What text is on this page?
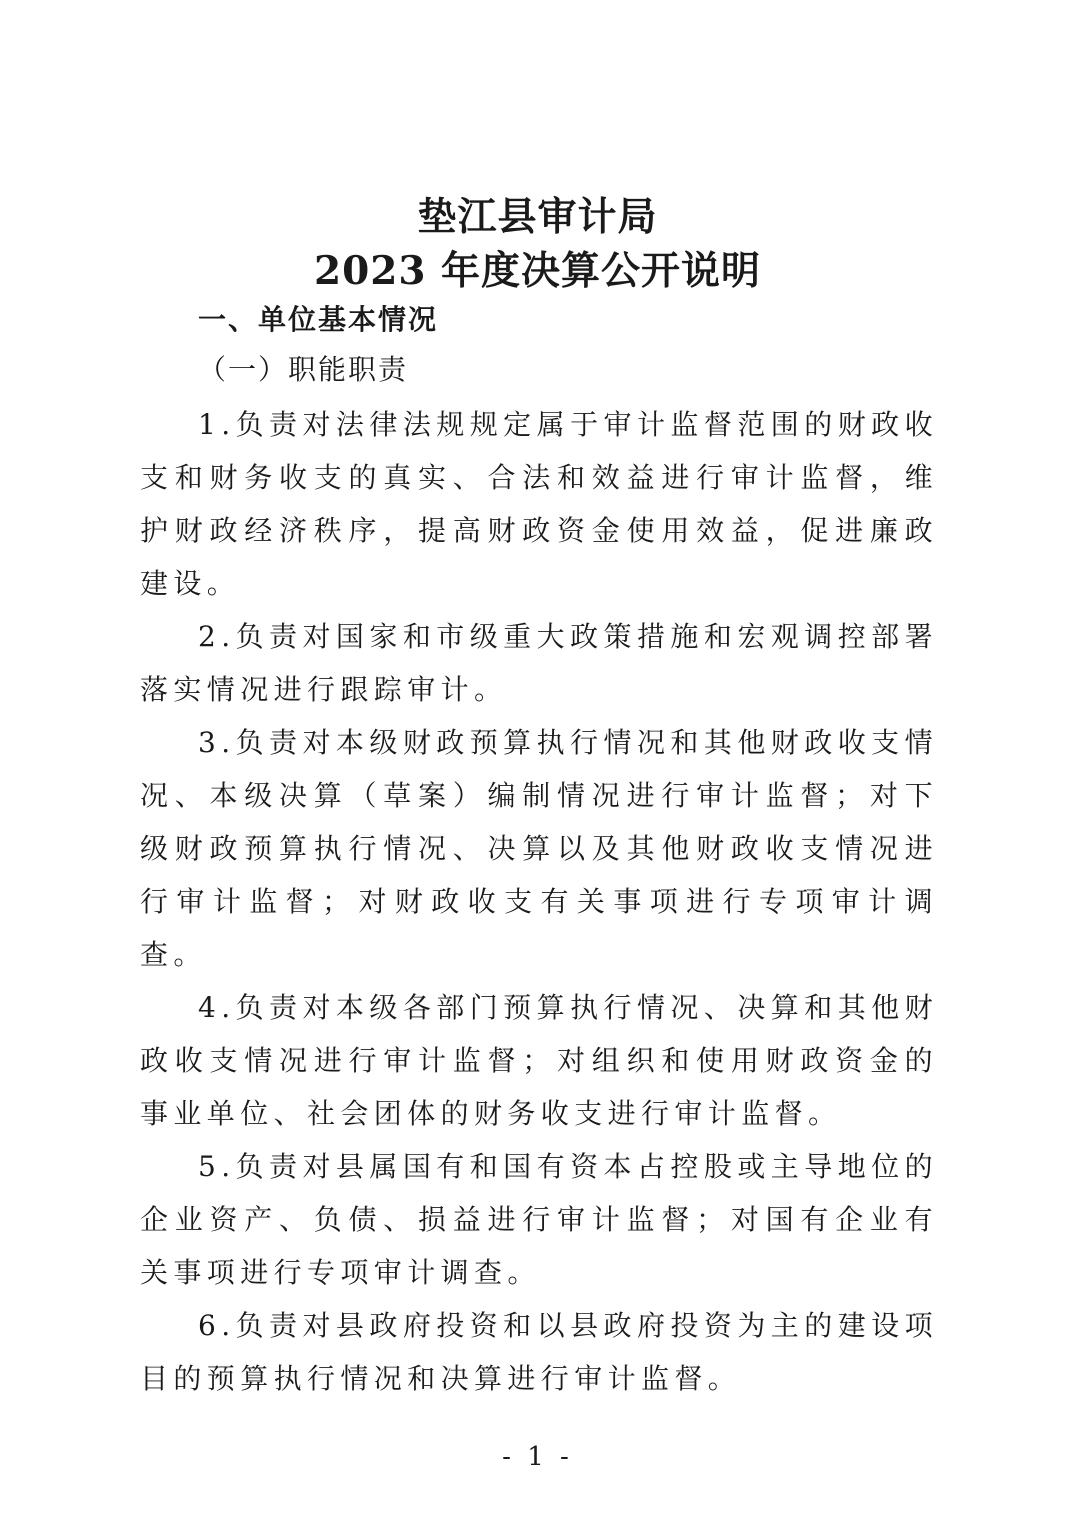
垫江县审计局
2023 年度决算公开说明
一、单位基本情况
（一）职能职责

1.负责对法律法规规定属于审计监督范围的财政收支和财务收支的真实、合法和效益进行审计监督，维护财政经济秩序，提高财政资金使用效益，促进廉政建设。

2.负责对国家和市级重大政策措施和宏观调控部署落实情况进行跟踪审计。

3.负责对本级财政预算执行情况和其他财政收支情况、本级决算（草案）编制情况进行审计监督；对下级财政预算执行情况、决算以及其他财政收支情况进行审计监督；对财政收支有关事项进行专项审计调查。

4.负责对本级各部门预算执行情况、决算和其他财政收支情况进行审计监督；对组织和使用财政资金的事业单位、社会团体的财务收支进行审计监督。

5.负责对县属国有和国有资本占控股或主导地位的企业资产、负债、损益进行审计监督；对国有企业有关事项进行专项审计调查。

6.负责对县政府投资和以县政府投资为主的建设项目的预算执行情况和决算进行审计监督。

- 1 -
